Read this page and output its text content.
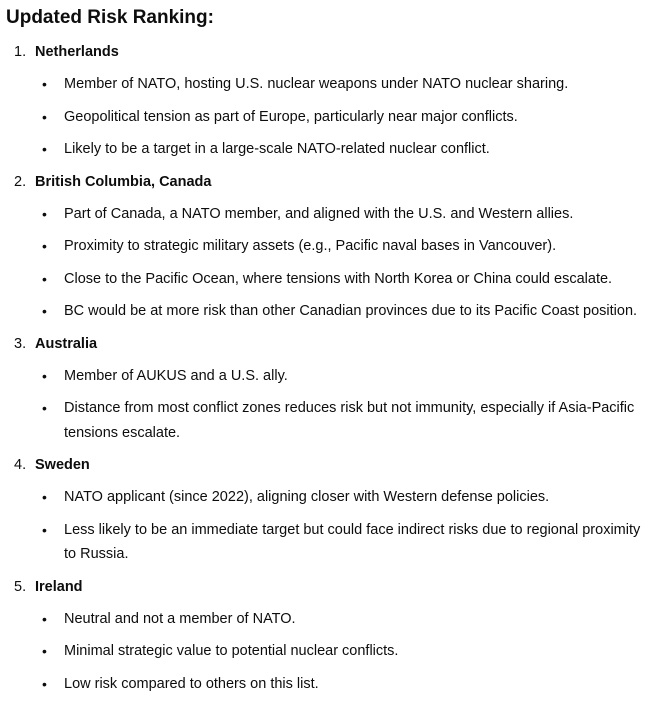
Updated Risk Ranking:
1. Netherlands
• Member of NATO, hosting U.S. nuclear weapons under NATO nuclear sharing.
• Geopolitical tension as part of Europe, particularly near major conflicts.
• Likely to be a target in a large-scale NATO-related nuclear conflict.
2. British Columbia, Canada
• Part of Canada, a NATO member, and aligned with the U.S. and Western allies.
• Proximity to strategic military assets (e.g., Pacific naval bases in Vancouver).
• Close to the Pacific Ocean, where tensions with North Korea or China could escalate.
• BC would be at more risk than other Canadian provinces due to its Pacific Coast position.
3. Australia
• Member of AUKUS and a U.S. ally.
• Distance from most conflict zones reduces risk but not immunity, especially if Asia-Pacific tensions escalate.
4. Sweden
• NATO applicant (since 2022), aligning closer with Western defense policies.
• Less likely to be an immediate target but could face indirect risks due to regional proximity to Russia.
5. Ireland
• Neutral and not a member of NATO.
• Minimal strategic value to potential nuclear conflicts.
• Low risk compared to others on this list.
